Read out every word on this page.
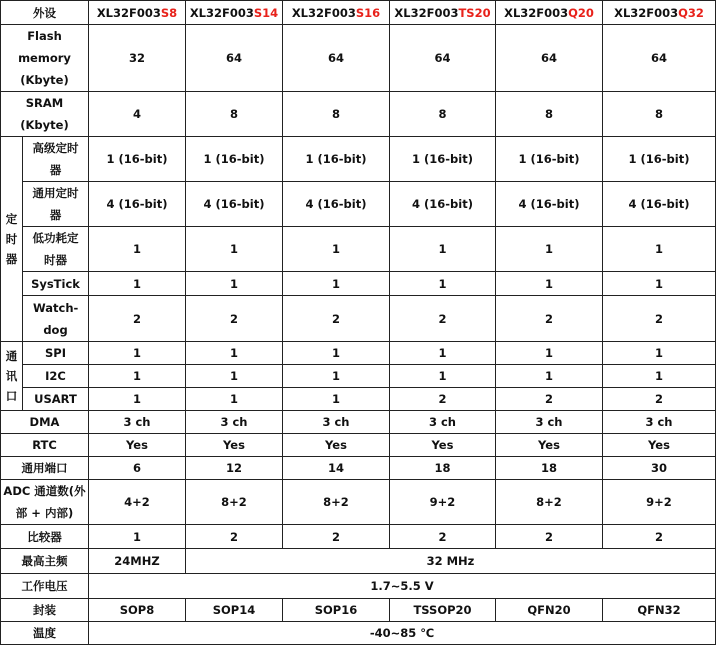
外设		XL32F003S8	XL32F003S14	XL32F003S16	XL32F003TS20	XL32F003Q20	XL32F003Q32
Flash memory (Kbyte)		32	64	64	64	64	64
SRAM (Kbyte)		4	8	8	8	8	8
定时器	高级定时器	1 (16-bit)	1 (16-bit)	1 (16-bit)	1 (16-bit)	1 (16-bit)	1 (16-bit)
	通用定时器	4 (16-bit)	4 (16-bit)	4 (16-bit)	4 (16-bit)	4 (16-bit)	4 (16-bit)
	低功耗定时器	1	1	1	1	1	1
	SysTick	1	1	1	1	1	1
	Watch-dog	2	2	2	2	2	2
通讯口	SPI	1	1	1	1	1	1
	I2C	1	1	1	1	1	1
	USART	1	1	1	2	2	2
DMA		3 ch	3 ch	3 ch	3 ch	3 ch	3 ch
RTC		Yes	Yes	Yes	Yes	Yes	Yes
通用端口		6	12	14	18	18	30
ADC 通道数(外部 + 内部)		4+2	8+2	8+2	9+2	8+2	9+2
比较器		1	2	2	2	2	2
最高主频		24MHZ	32 MHz				
工作电压		1.7~5.5 V					
封装		SOP8	SOP14	SOP16	TSSOP20	QFN20	QFN32
温度		-40~85 ℃					
